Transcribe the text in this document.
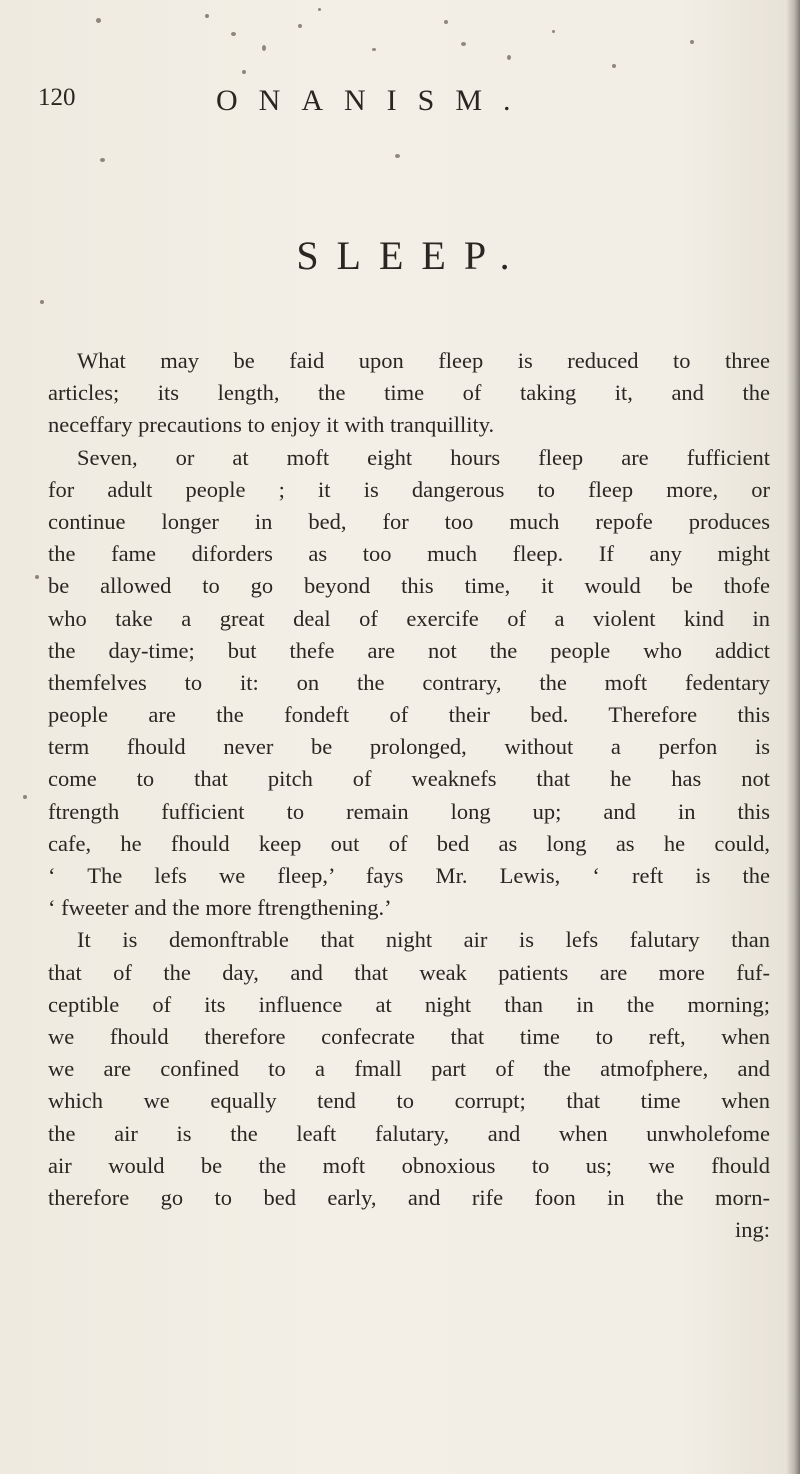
120	ONANISM.
SLEEP.
What may be faid upon fleep is reduced to three
articles; its length, the time of taking it, and the
neceffary precautions to enjoy it with tranquillity.
Seven, or at moft eight hours fleep are fufficient
for adult people ; it is dangerous to fleep more, or
continue longer in bed, for too much repofe produces
the fame diforders as too much fleep. If any might
be allowed to go beyond this time, it would be thofe
who take a great deal of exercife of a violent kind in
the day-time; but thefe are not the people who addict
themfelves to it: on the contrary, the moft fedentary
people are the fondeft of their bed. Therefore this
term fhould never be prolonged, without a perfon is
come to that pitch of weaknefs that he has not
ftrength fufficient to remain long up; and in this
cafe, he fhould keep out of bed as long as he could,
‘ The lefs we fleep,’ fays Mr. Lewis, ‘ reft is the
‘ fweeter and the more ftrengthening.’
It is demonftrable that night air is lefs falutary than
that of the day, and that weak patients are more fuf-
ceptible of its influence at night than in the morning;
we fhould therefore confecrate that time to reft, when
we are confined to a fmall part of the atmofphere, and
which we equally tend to corrupt; that time when
the air is the leaft falutary, and when unwholefome
air would be the moft obnoxious to us; we fhould
therefore go to bed early, and rife foon in the morn-
ing:
